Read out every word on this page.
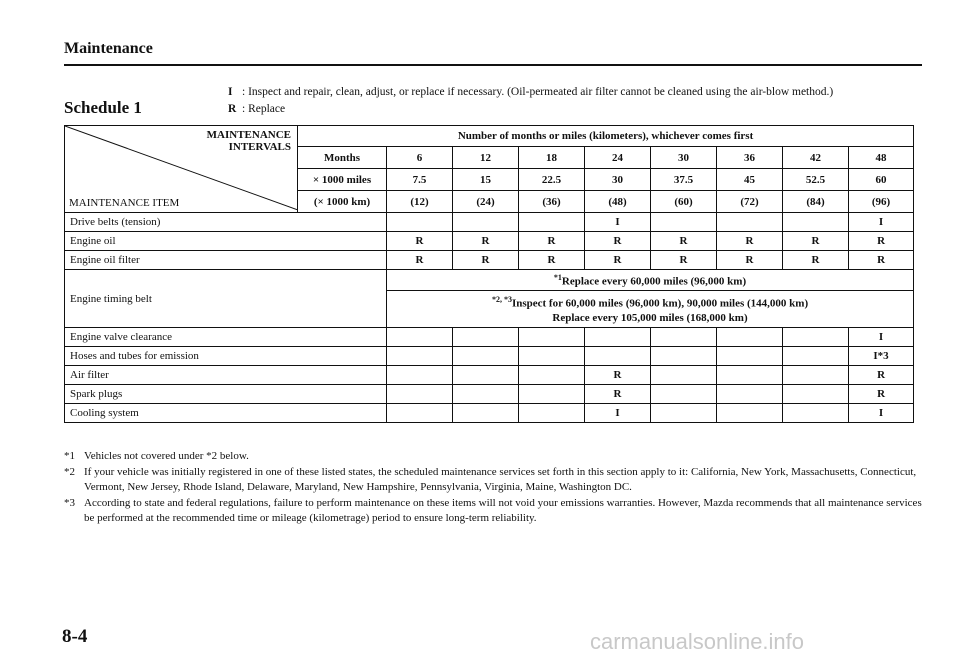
Maintenance
Schedule 1
I : Inspect and repair, clean, adjust, or replace if necessary. (Oil-permeated air filter cannot be cleaned using the air-blow method.)
R : Replace
MAINTENANCE
INTERVALS
MAINTENANCE ITEM	Number of months or miles (kilometers), whichever comes first								
	Months	6	12	18	24	30	36	42	48
	× 1000 miles	7.5	15	22.5	30	37.5	45	52.5	60
	(× 1000 km)	(12)	(24)	(36)	(48)	(60)	(72)	(84)	(96)
Drive belts (tension)					I				I
Engine oil		R	R	R	R	R	R	R	R
Engine oil filter		R	R	R	R	R	R	R	R
Engine timing belt		$^{*1}$Replace every 60,000 miles (96,000 km)							

		$^{*2, *3}$Inspect for 60,000 miles (96,000 km), 90,000 miles (144,000 km)
Replace every 105,000 miles (168,000 km)							

Engine valve clearance									I
Hoses and tubes for emission									I*3
Air filter					R				R
Spark plugs					R				R
Cooling system					I				I
*1 Vehicles not covered under *2 below.
*2 If your vehicle was initially registered in one of these listed states, the scheduled maintenance services set forth in this section apply to it: California, New York, Massachusetts, Connecticut, Vermont, New Jersey, Rhode Island, Delaware, Maryland, New Hampshire, Pennsylvania, Virginia, Maine, Washington DC.
*3 According to state and federal regulations, failure to perform maintenance on these items will not void your emissions warranties. However, Mazda recommends that all maintenance services be performed at the recommended time or mileage (kilometrage) period to ensure long-term reliability.
8-4	carmanualsonline.info
